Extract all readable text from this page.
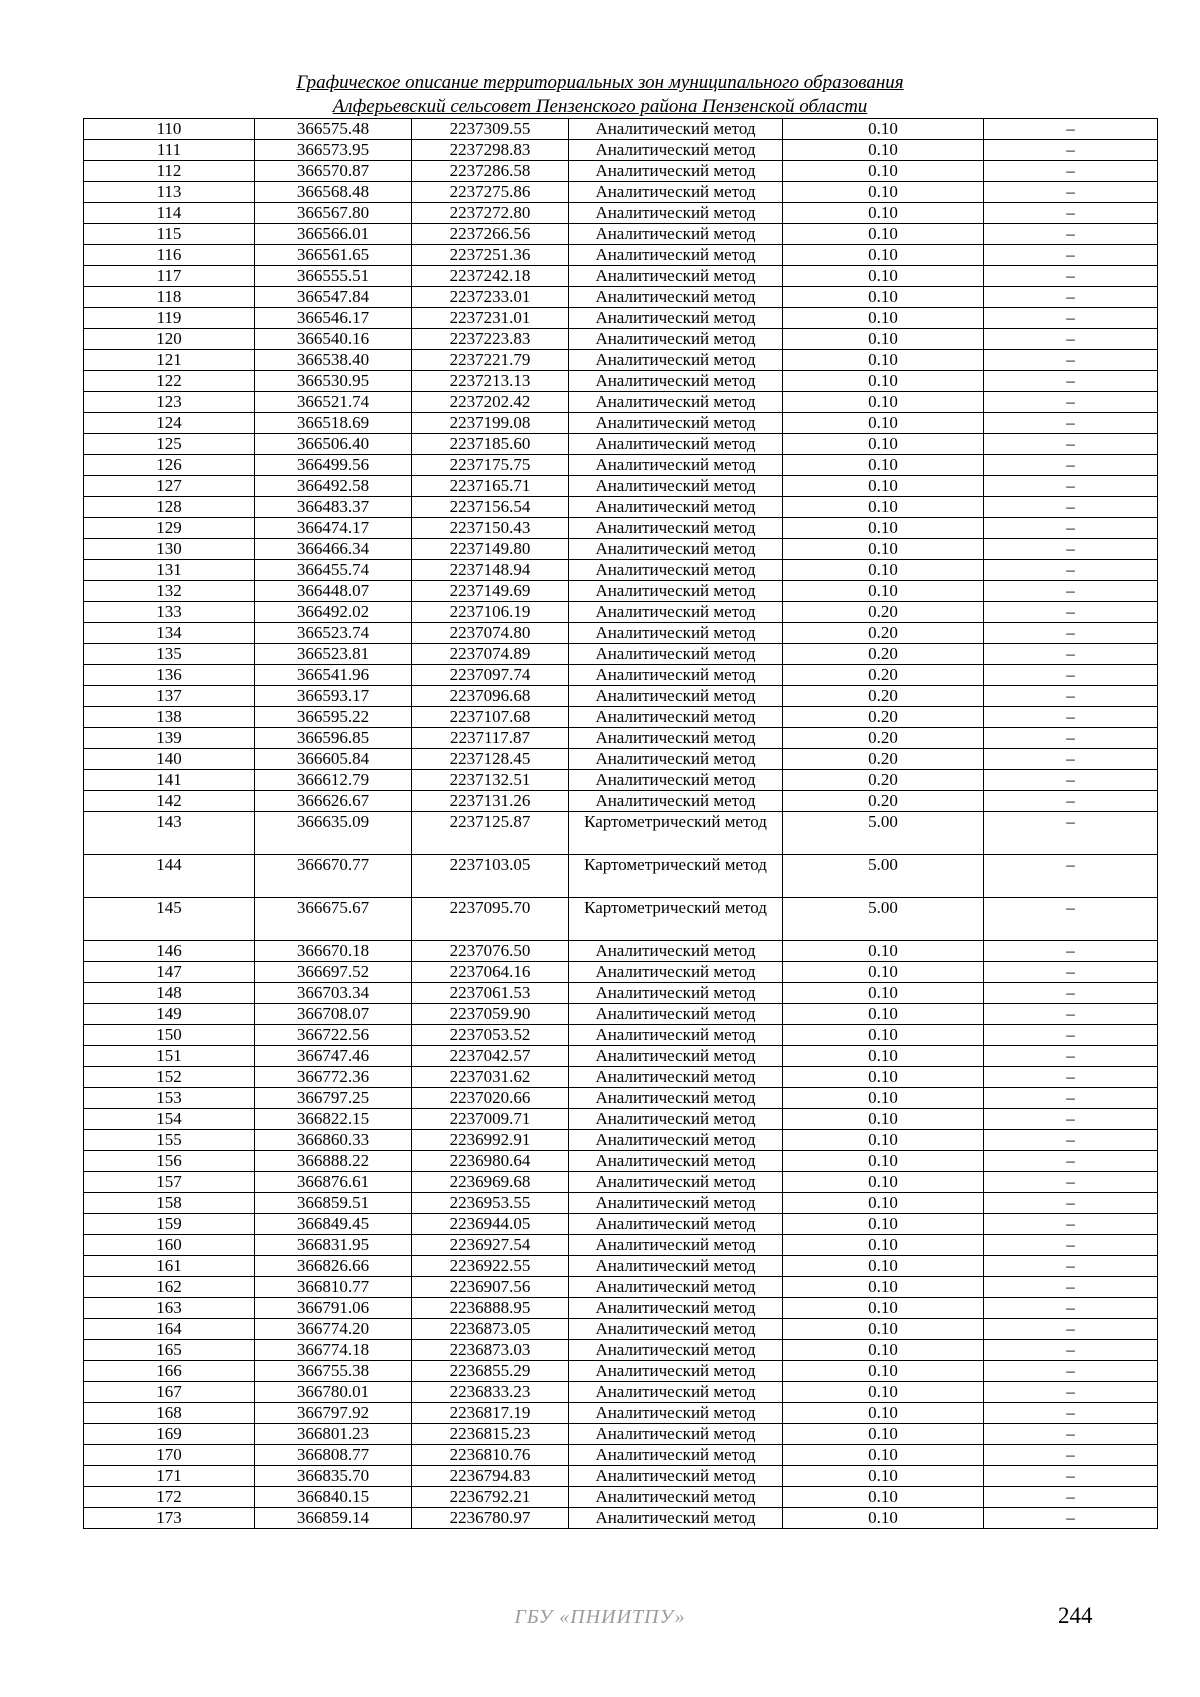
Графическое описание территориальных зон муниципального образования
Алферьевский сельсовет Пензенского района Пензенской области
110	366575.48	2237309.55	Аналитический метод	0.10	–
111	366573.95	2237298.83	Аналитический метод	0.10	–
112	366570.87	2237286.58	Аналитический метод	0.10	–
113	366568.48	2237275.86	Аналитический метод	0.10	–
114	366567.80	2237272.80	Аналитический метод	0.10	–
115	366566.01	2237266.56	Аналитический метод	0.10	–
116	366561.65	2237251.36	Аналитический метод	0.10	–
117	366555.51	2237242.18	Аналитический метод	0.10	–
118	366547.84	2237233.01	Аналитический метод	0.10	–
119	366546.17	2237231.01	Аналитический метод	0.10	–
120	366540.16	2237223.83	Аналитический метод	0.10	–
121	366538.40	2237221.79	Аналитический метод	0.10	–
122	366530.95	2237213.13	Аналитический метод	0.10	–
123	366521.74	2237202.42	Аналитический метод	0.10	–
124	366518.69	2237199.08	Аналитический метод	0.10	–
125	366506.40	2237185.60	Аналитический метод	0.10	–
126	366499.56	2237175.75	Аналитический метод	0.10	–
127	366492.58	2237165.71	Аналитический метод	0.10	–
128	366483.37	2237156.54	Аналитический метод	0.10	–
129	366474.17	2237150.43	Аналитический метод	0.10	–
130	366466.34	2237149.80	Аналитический метод	0.10	–
131	366455.74	2237148.94	Аналитический метод	0.10	–
132	366448.07	2237149.69	Аналитический метод	0.10	–
133	366492.02	2237106.19	Аналитический метод	0.20	–
134	366523.74	2237074.80	Аналитический метод	0.20	–
135	366523.81	2237074.89	Аналитический метод	0.20	–
136	366541.96	2237097.74	Аналитический метод	0.20	–
137	366593.17	2237096.68	Аналитический метод	0.20	–
138	366595.22	2237107.68	Аналитический метод	0.20	–
139	366596.85	2237117.87	Аналитический метод	0.20	–
140	366605.84	2237128.45	Аналитический метод	0.20	–
141	366612.79	2237132.51	Аналитический метод	0.20	–
142	366626.67	2237131.26	Аналитический метод	0.20	–
143	366635.09	2237125.87	Картометрический метод	5.00	–
144	366670.77	2237103.05	Картометрический метод	5.00	–
145	366675.67	2237095.70	Картометрический метод	5.00	–
146	366670.18	2237076.50	Аналитический метод	0.10	–
147	366697.52	2237064.16	Аналитический метод	0.10	–
148	366703.34	2237061.53	Аналитический метод	0.10	–
149	366708.07	2237059.90	Аналитический метод	0.10	–
150	366722.56	2237053.52	Аналитический метод	0.10	–
151	366747.46	2237042.57	Аналитический метод	0.10	–
152	366772.36	2237031.62	Аналитический метод	0.10	–
153	366797.25	2237020.66	Аналитический метод	0.10	–
154	366822.15	2237009.71	Аналитический метод	0.10	–
155	366860.33	2236992.91	Аналитический метод	0.10	–
156	366888.22	2236980.64	Аналитический метод	0.10	–
157	366876.61	2236969.68	Аналитический метод	0.10	–
158	366859.51	2236953.55	Аналитический метод	0.10	–
159	366849.45	2236944.05	Аналитический метод	0.10	–
160	366831.95	2236927.54	Аналитический метод	0.10	–
161	366826.66	2236922.55	Аналитический метод	0.10	–
162	366810.77	2236907.56	Аналитический метод	0.10	–
163	366791.06	2236888.95	Аналитический метод	0.10	–
164	366774.20	2236873.05	Аналитический метод	0.10	–
165	366774.18	2236873.03	Аналитический метод	0.10	–
166	366755.38	2236855.29	Аналитический метод	0.10	–
167	366780.01	2236833.23	Аналитический метод	0.10	–
168	366797.92	2236817.19	Аналитический метод	0.10	–
169	366801.23	2236815.23	Аналитический метод	0.10	–
170	366808.77	2236810.76	Аналитический метод	0.10	–
171	366835.70	2236794.83	Аналитический метод	0.10	–
172	366840.15	2236792.21	Аналитический метод	0.10	–
173	366859.14	2236780.97	Аналитический метод	0.10	–
ГБУ «ПНИИТПУ»	244
